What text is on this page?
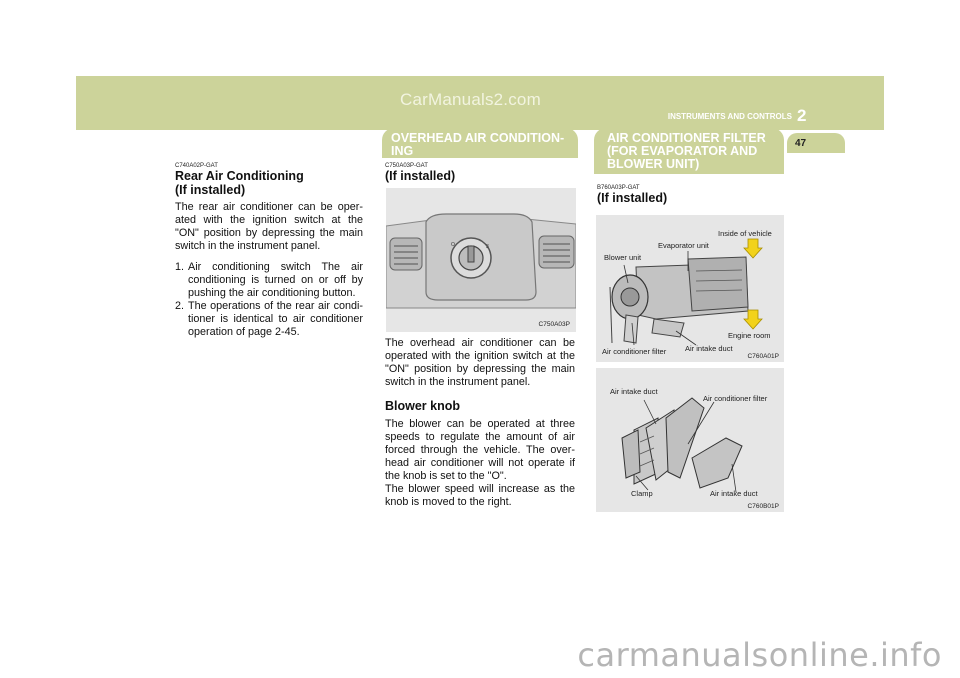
CarManuals2.com
INSTRUMENTS AND CONTROLS 2
47
OVERHEAD AIR CONDITION-
ING
AIR CONDITIONER FILTER
(FOR EVAPORATOR AND
BLOWER UNIT)
C740A02P-GAT

Rear Air Conditioning

(If installed)

The rear air conditioner can be oper-ated with the ignition switch at the "ON" position by depressing the main switch in the instrument panel.

1. Air conditioning switch The air conditioning is turned on or off by pushing the air conditioning button.
2. The operations of the rear air condi-tioner is identical to air conditioner operation of page 2-45.
C750A03P-GAT

(If installed)

O	3
C750A03P

The overhead air conditioner can be operated with the ignition switch at the "ON" position by depressing the main switch in the instrument panel.

Blower knob

The blower can be operated at three speeds to regulate the amount of air forced through the vehicle. The over-head air conditioner will not operate if the knob is set to the "O".

The blower speed will increase as the knob is moved to the right.

B760A03P-GAT

(If installed)

Inside of vehicle
Evaporator unit
Blower unit
Engine room
Air conditioner filter	Air intake duct
C760A01P
Air intake duct
Air conditioner filter
Clamp	Air intake duct
C760B01P
carmanualsonline.info
